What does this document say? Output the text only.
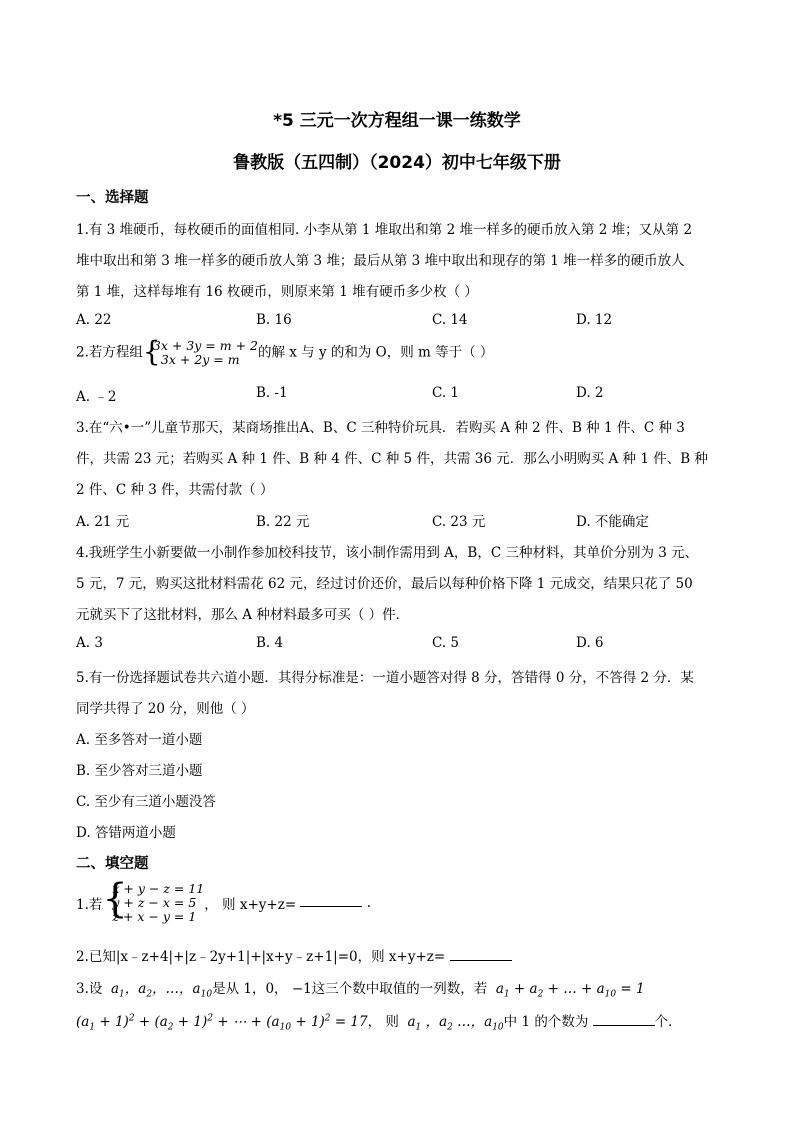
*5 三元一次方程组一课一练数学
鲁教版（五四制）（2024）初中七年级下册
一、选择题
1.有 3 堆硬币，每枚硬币的面值相同. 小李从第 1 堆取出和第 2 堆一样多的硬币放入第 2 堆；又从第 2
堆中取出和第 3 堆一样多的硬币放人第 3 堆；最后从第 3 堆中取出和现存的第 1 堆一样多的硬币放人
第 1 堆，这样每堆有 16 枚硬币，则原来第 1 堆有硬币多少枚（ ）
A. 22	B. 16	C. 14	D. 12
2.若方程组 {
3x + 3y = m + 2
3x + 2y = m	的解 x 与 y 的和为 O，则 m 等于（ ）
A. ﹣2	B. -1	C. 1	D. 2
3.在“六•一”儿童节那天，某商场推出A、B、C 三种特价玩具．若购买 A 种 2 件、B 种 1 件、C 种 3
件，共需 23 元；若购买 A 种 1 件、B 种 4 件、C 种 5 件，共需 36 元．那么小明购买 A 种 1 件、B 种
2 件、C 种 3 件，共需付款（ ）
A. 21 元	B. 22 元	C. 23 元	D. 不能确定
4.我班学生小新要做一小制作参加校科技节，该小制作需用到 A，B，C 三种材料，其单价分别为 3 元、
5 元，7 元，购买这批材料需花 62 元，经过讨价还价，最后以每种价格下降 1 元成交，结果只花了 50
元就买下了这批材料，那么 A 种材料最多可买（ ）件．
A. 3	B. 4	C. 5	D. 6
5.有一份选择题试卷共六道小题．其得分标准是：一道小题答对得 8 分，答错得 0 分，不答得 2 分．某
同学共得了 20 分，则他（ ）
A. 至多答对一道小题
B. 至少答对三道小题
C. 至少有三道小题没答
D. 答错两道小题
二、填空题
1.若 {
x + y − z = 11
y + z − x = 5
z + x − y = 1
， 则 x+y+z=	.
2.已知|x﹣z+4|+|z﹣2y+1|+|x+y﹣z+1|=0，则 x+y+z=
3.设  $a_1$，$a_2$，…，$a_{10}$是从 1，0， −1这三个数中取值的一列数，若  $a_1 + a_2$ + … + $a_{10} = 1$
$(a_1 + 1)^2 + (a_2 + 1)^2$ + ⋯ + $(a_{10} + 1)^2 = 17$， 则  $a_1$ ，$a_2$ …，$a_{10}$中 1 的个数为	个．
